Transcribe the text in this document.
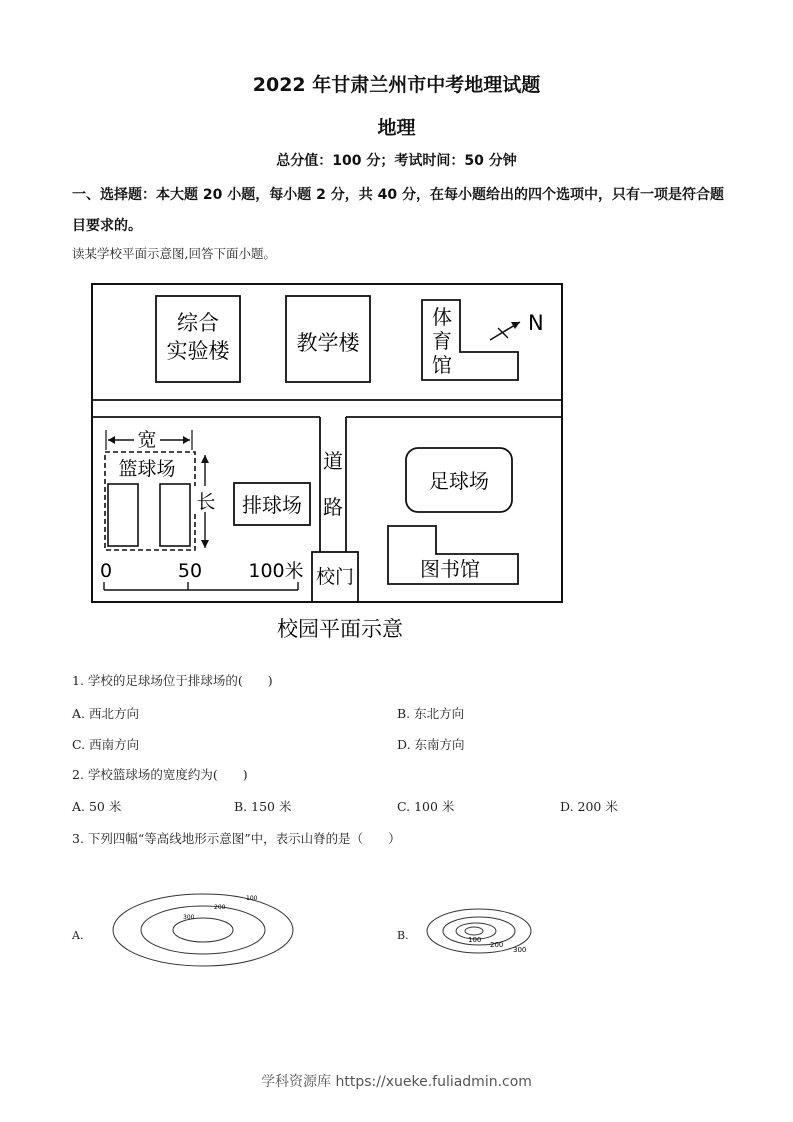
2022 年甘肃兰州市中考地理试题
地理
总分值：100 分；考试时间：50 分钟
一、选择题：本大题 20 小题，每小题 2 分，共 40 分，在每小题给出的四个选项中，只有一项是符合题目要求的。
读某学校平面示意图,回答下面小题。
综合
实验楼	教学楼
体
育
馆
N
宽
篮球场
长 排球场
道
路
校门
足球场
图书馆
0	50 100米
校园平面示意
1. 学校的足球场位于排球场的(　　)
A. 西北方向	B. 东北方向
C. 西南方向	D. 东南方向
2. 学校篮球场的宽度约为(　　)
A. 50 米	B. 150 米	C. 100 米	D. 200 米
3. 下列四幅“等高线地形示意图”中，表示山脊的是（　　）
A.	B.
100
200
300
100
200
300
学科资源库 https://xueke.fuliadmin.com
